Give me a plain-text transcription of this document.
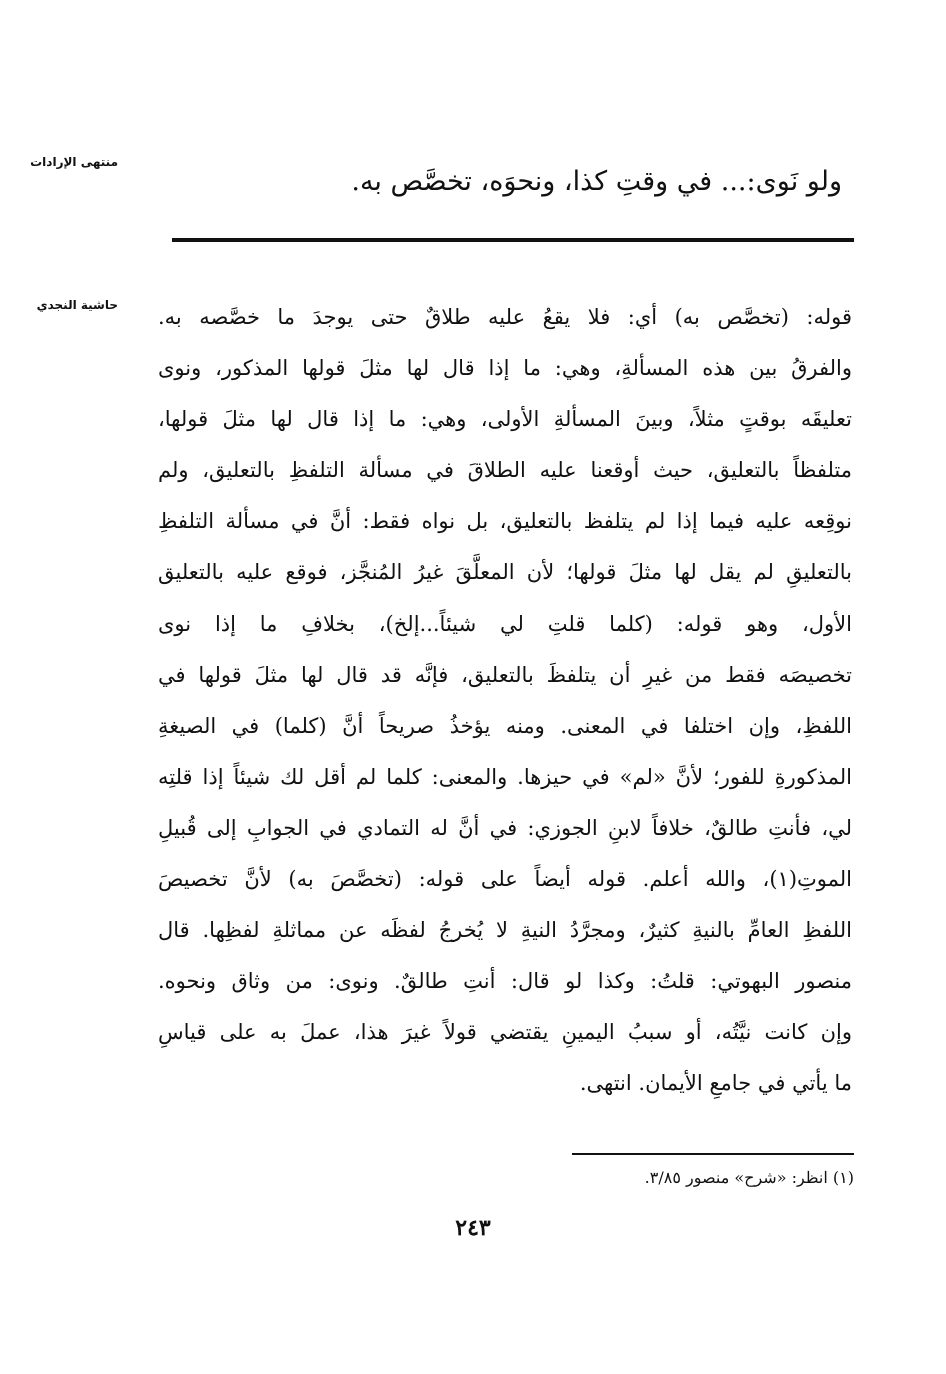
منتهى الإرادات
حاشية النجدي
ولو نَوى:... في وقتِ كذا، ونحوَه، تخصَّص به.
قوله: (تخصَّص به) أي: فلا يقعُ عليه طلاقٌ حتى يوجدَ ما خصَّصه به.
والفرقُ بين هذه المسألةِ، وهي: ما إذا قال لها مثلَ قولها المذكور، ونوى
تعليقَه بوقتٍ مثلاً، وبينَ المسألةِ الأولى، وهي: ما إذا قال لها مثلَ قولها،
متلفظاً بالتعليق، حيث أوقعنا عليه الطلاقَ في مسألة التلفظِ بالتعليق، ولم
نوقِعه عليه فيما إذا لم يتلفظ بالتعليق، بل نواه فقط: أنَّ في مسألة التلفظِ
بالتعليقِ لم يقل لها مثلَ قولها؛ لأن المعلَّقَ غيرُ المُنجَّز، فوقع عليه بالتعليق
الأول، وهو قوله: (كلما قلتِ لي شيئاً...إلخ)، بخلافِ ما إذا نوى
تخصيصَه فقط من غيرِ أن يتلفظَ بالتعليق، فإنَّه قد قال لها مثلَ قولها في
اللفظِ، وإن اختلفا في المعنى. ومنه يؤخذُ صريحاً أنَّ (كلما) في الصيغةِ
المذكورةِ للفور؛ لأنَّ «لم» في حيزها. والمعنى: كلما لم أقل لك شيئاً إذا قلتِه
لي، فأنتِ طالقٌ، خلافاً لابنِ الجوزي: في أنَّ له التمادي في الجوابِ إلى قُبيلِ
الموتِ(١)، والله أعلم. قوله أيضاً على قوله: (تخصَّصَ به) لأنَّ تخصيصَ
اللفظِ العامِّ بالنيةِ كثيرٌ، ومجرَّدُ النيةِ لا يُخرجُ لفظَه عن مماثلةِ لفظِها. قال
منصور البهوتي: قلتُ: وكذا لو قال: أنتِ طالقٌ. ونوى: من وثاق ونحوه.
وإن كانت نيَّتُه، أو سببُ اليمينِ يقتضي قولاً غيرَ هذا، عملَ به على قياسِ
ما يأتي في جامعِ الأيمان. انتهى.
(١) انظر: «شرح» منصور ٣/٨٥.
٢٤٣
